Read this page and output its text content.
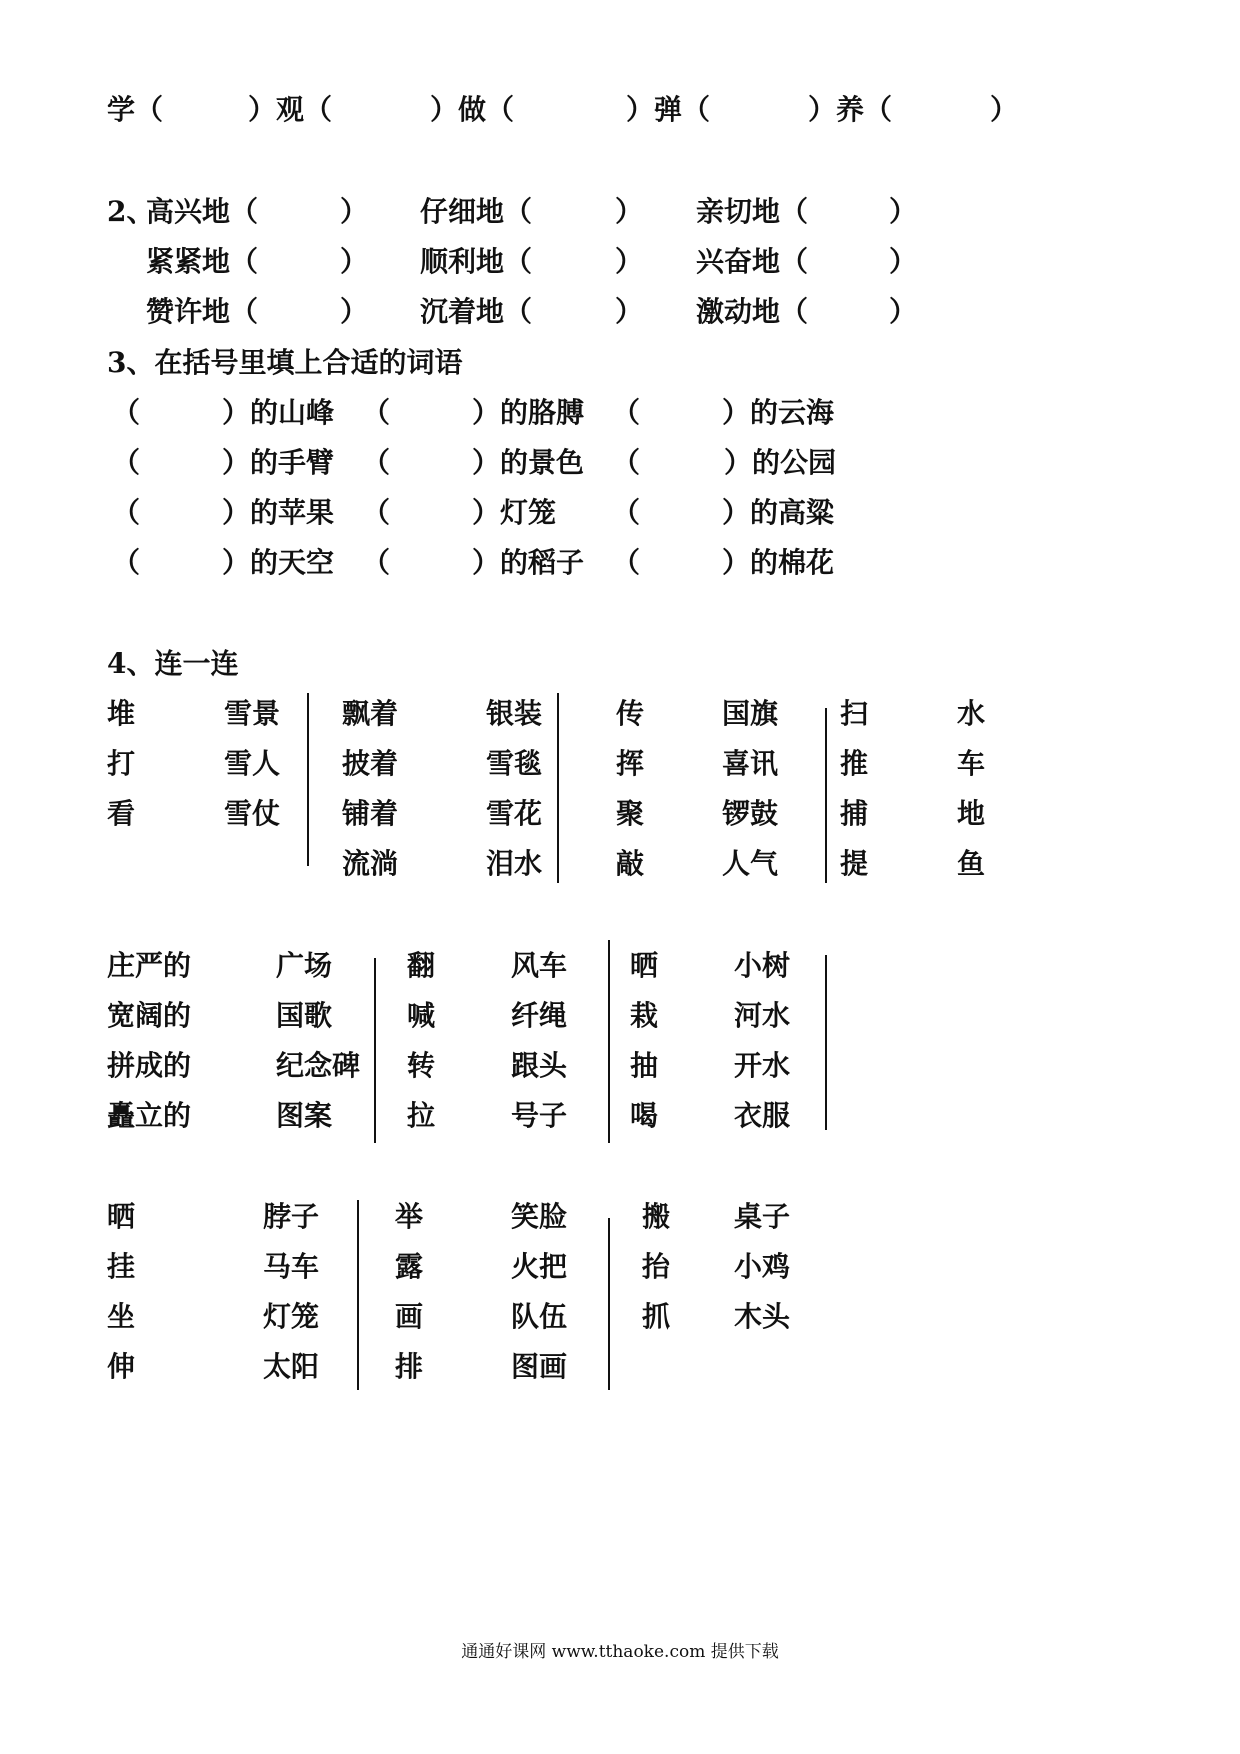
学（	）观（	）做（	）弹（	）养（	）
2、
高兴地（	） 仔细地（	） 亲切地（	）
紧紧地（	） 顺利地（	） 兴奋地（	）
赞许地（	） 沉着地（	） 激动地（	）
3、在括号里填上合适的词语
（	）的山峰 （	）的胳膊 （	）的云海
（	）的手臂 （	）的景色 （	）的公园
（	）的苹果 （	）灯笼 （	）的高粱
（	）的天空 （	）的稻子 （	）的棉花
4、连一连
堆	雪景
打	雪人
看	雪仗
飘着	银装
披着	雪毯
铺着	雪花
流淌	泪水
传	国旗
挥	喜讯
聚	锣鼓
敲	人气
扫	水
推	车
捕	地
提	鱼
庄严的	广场
宽阔的	国歌
拼成的	纪念碑
矗立的	图案
翻	风车
喊	纤绳
转	跟头
拉	号子
晒	小树
栽	河水
抽	开水
喝	衣服
晒	脖子
挂	马车
坐	灯笼
伸	太阳
举	笑脸
露	火把
画	队伍
排	图画
搬 桌子
抬 小鸡
抓 木头
通通好课网 www.tthaoke.com 提供下载
